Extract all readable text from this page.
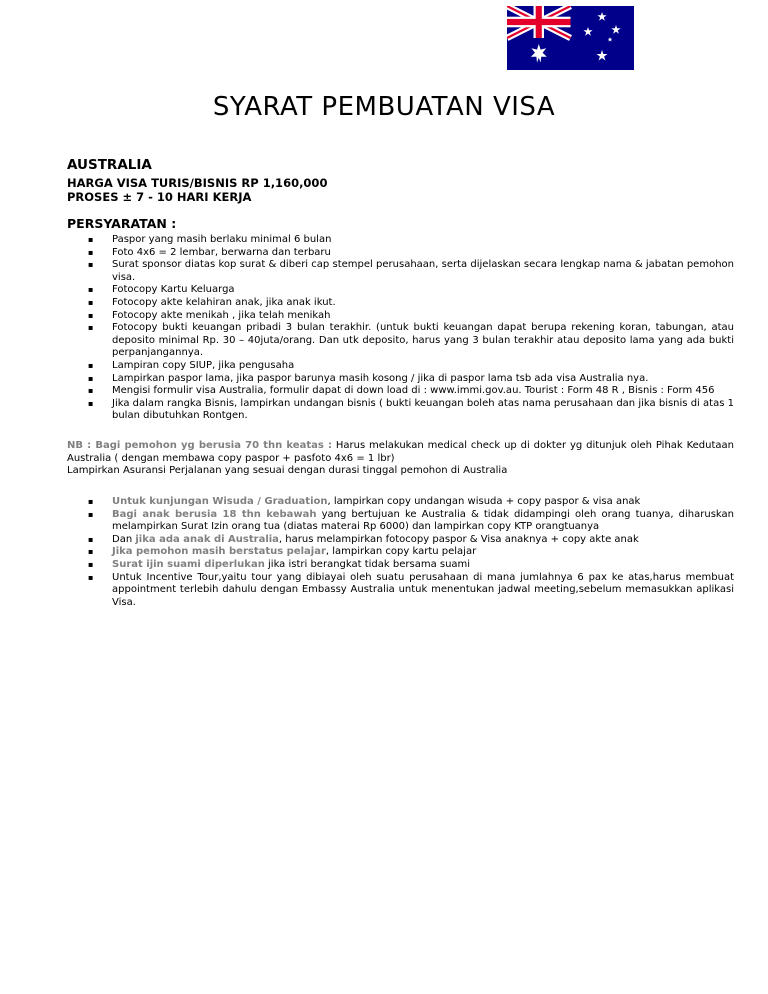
SYARAT PEMBUATAN VISA
AUSTRALIA
HARGA VISA TURIS/BISNIS RP 1,160,000
PROSES ± 7 - 10 HARI KERJA
PERSYARATAN :
▪ Paspor yang masih berlaku minimal 6 bulan
▪ Foto 4x6 = 2 lembar, berwarna dan terbaru
▪ Surat sponsor diatas kop surat & diberi cap stempel perusahaan, serta dijelaskan secara lengkap nama & jabatan pemohon visa.
▪ Fotocopy Kartu Keluarga
▪ Fotocopy akte kelahiran anak, jika anak ikut.
▪ Fotocopy akte menikah , jika telah menikah
▪ Fotocopy bukti keuangan pribadi 3 bulan terakhir. (untuk bukti keuangan dapat berupa rekening koran, tabungan, atau deposito minimal Rp. 30 – 40juta/orang. Dan utk deposito, harus yang 3 bulan terakhir atau deposito lama yang ada bukti perpanjangannya.
▪ Lampiran copy SIUP, jika pengusaha
▪ Lampirkan paspor lama, jika paspor barunya masih kosong / jika di paspor lama tsb ada visa Australia nya.
▪ Mengisi formulir visa Australia, formulir dapat di down load di : www.immi.gov.au. Tourist : Form 48 R , Bisnis : Form 456
▪ Jika dalam rangka Bisnis, lampirkan undangan bisnis ( bukti keuangan boleh atas nama perusahaan dan jika bisnis di atas 1 bulan dibutuhkan Rontgen.
NB : Bagi pemohon yg berusia 70 thn keatas : Harus melakukan medical check up di dokter yg ditunjuk oleh Pihak Kedutaan Australia ( dengan membawa copy paspor + pasfoto 4x6 = 1 lbr)
Lampirkan Asuransi Perjalanan yang sesuai dengan durasi tinggal pemohon di Australia
▪ Untuk kunjungan Wisuda / Graduation, lampirkan copy undangan wisuda + copy paspor & visa anak
▪ Bagi anak berusia 18 thn kebawah yang bertujuan ke Australia & tidak didampingi oleh orang tuanya, diharuskan melampirkan Surat Izin orang tua (diatas materai Rp 6000) dan lampirkan copy KTP orangtuanya
▪ Dan jika ada anak di Australia, harus melampirkan fotocopy paspor & Visa anaknya + copy akte anak
▪ Jika pemohon masih berstatus pelajar, lampirkan copy kartu pelajar
▪ Surat ijin suami diperlukan jika istri berangkat tidak bersama suami
▪ Untuk Incentive Tour,yaitu tour yang dibiayai oleh suatu perusahaan di mana jumlahnya 6 pax ke atas,harus membuat appointment terlebih dahulu dengan Embassy Australia untuk menentukan jadwal meeting,sebelum memasukkan aplikasi Visa.
